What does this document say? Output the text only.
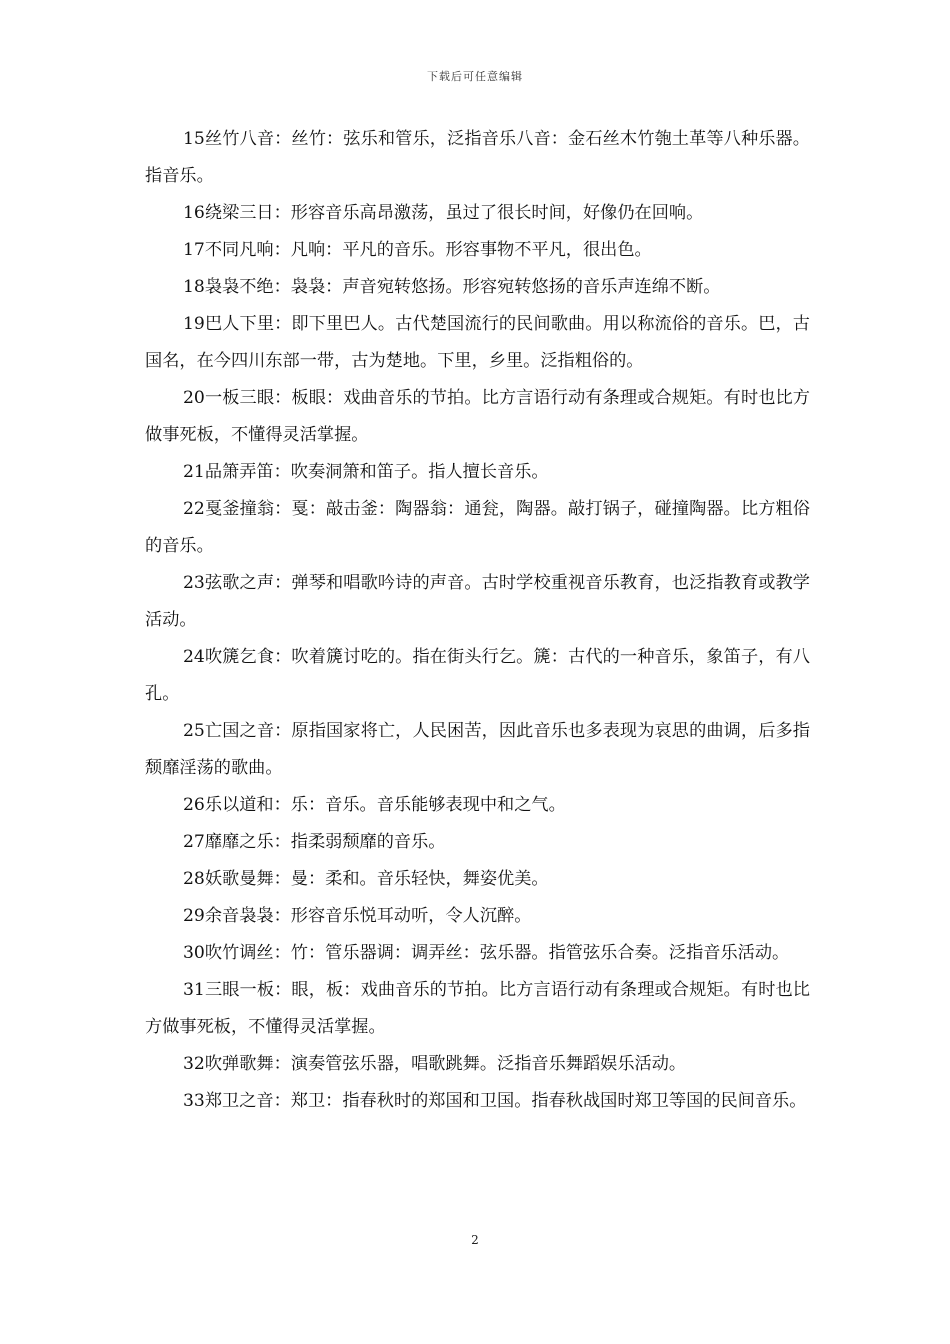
下载后可任意编辑

15丝竹八音：丝竹：弦乐和管乐，泛指音乐八音：金石丝木竹匏土革等八种乐器。指音乐。

16绕梁三日：形容音乐高昂激荡，虽过了很长时间，好像仍在回响。

17不同凡响：凡响：平凡的音乐。形容事物不平凡，很出色。

18袅袅不绝：袅袅：声音宛转悠扬。形容宛转悠扬的音乐声连绵不断。

19巴人下里：即下里巴人。古代楚国流行的民间歌曲。用以称流俗的音乐。巴，古国名，在今四川东部一带，古为楚地。下里，乡里。泛指粗俗的。

20一板三眼：板眼：戏曲音乐的节拍。比方言语行动有条理或合规矩。有时也比方做事死板，不懂得灵活掌握。

21品箫弄笛：吹奏洞箫和笛子。指人擅长音乐。

22戛釜撞翁：戛：敲击釜：陶器翁：通瓮，陶器。敲打锅子，碰撞陶器。比方粗俗的音乐。

23弦歌之声：弹琴和唱歌吟诗的声音。古时学校重视音乐教育，也泛指教育或教学活动。

24吹篪乞食：吹着篪讨吃的。指在街头行乞。篪：古代的一种音乐，象笛子，有八孔。

25亡国之音：原指国家将亡，人民困苦，因此音乐也多表现为哀思的曲调，后多指颓靡淫荡的歌曲。

26乐以道和：乐：音乐。音乐能够表现中和之气。

27靡靡之乐：指柔弱颓靡的音乐。

28妖歌曼舞：曼：柔和。音乐轻快，舞姿优美。

29余音袅袅：形容音乐悦耳动听，令人沉醉。

30吹竹调丝：竹：管乐器调：调弄丝：弦乐器。指管弦乐合奏。泛指音乐活动。

31三眼一板：眼，板：戏曲音乐的节拍。比方言语行动有条理或合规矩。有时也比方做事死板，不懂得灵活掌握。

32吹弹歌舞：演奏管弦乐器，唱歌跳舞。泛指音乐舞蹈娱乐活动。

33郑卫之音：郑卫：指春秋时的郑国和卫国。指春秋战国时郑卫等国的民间音乐。

2
